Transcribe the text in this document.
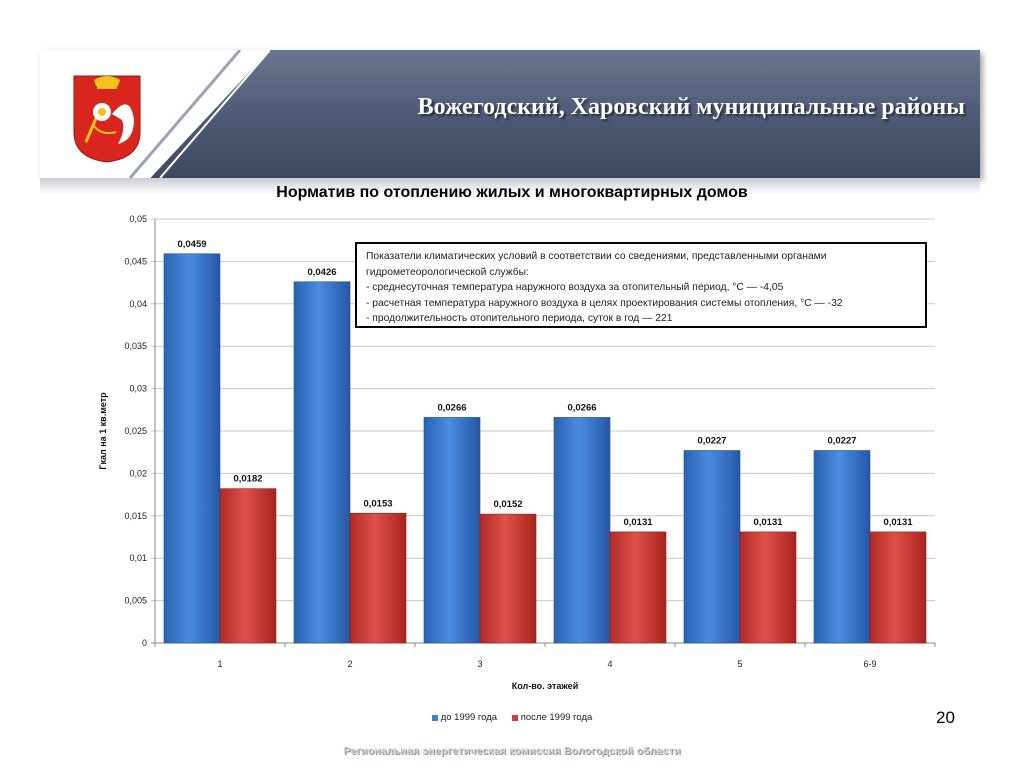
Вожегодский, Харовский муниципальные районы
Норматив по отоплению жилых и многоквартирных домов
0
0,005
0,01
0,015
0,02
0,025
0,03
0,035
0,04
0,045
0,05
1
0,0459
0,0182
2
0,0426
0,0153
3
0,0266
0,0152
4
0,0266
0,0131
5
0,0227
0,0131
6-9
0,0227
0,0131
Кол-во. этажей
Гкал на 1 кв.метр
Показатели климатических условий в соответствии со сведениями, представленными органами
гидрометеорологической службы:
- среднесуточная температура наружного воздуха за отопительный период, °С — -4,05
- расчетная температура наружного воздуха в целях проектирования системы отопления, °С — -32
- продолжительность отопительного периода, суток в год — 221
до 1999 года
после 1999 года	20
Региональная энергетическая комиссия Вологодской области
